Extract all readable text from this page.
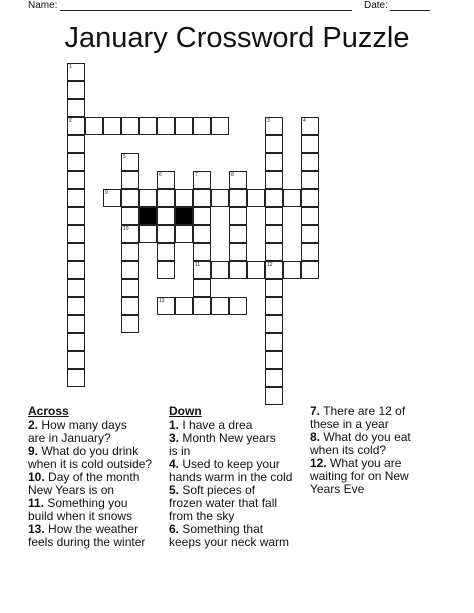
Name:	Date:
January Crossword Puzzle
1
2	3
12
4
5
10
6	7
11
8
9
13
Across
2. How many days
are in January?
9. What do you drink
when it is cold outside?
10. Day of the month
New Years is on
11. Something you
build when it snows
13. How the weather
feels during the winter
Down
1. I have a drea
3. Month New years
is in
4. Used to keep your
hands warm in the cold
5. Soft pieces of
frozen water that fall
from the sky
6. Something that
keeps your neck warm
7. There are 12 of
these in a year
8. What do you eat
when its cold?
12. What you are
waiting for on New
Years Eve
